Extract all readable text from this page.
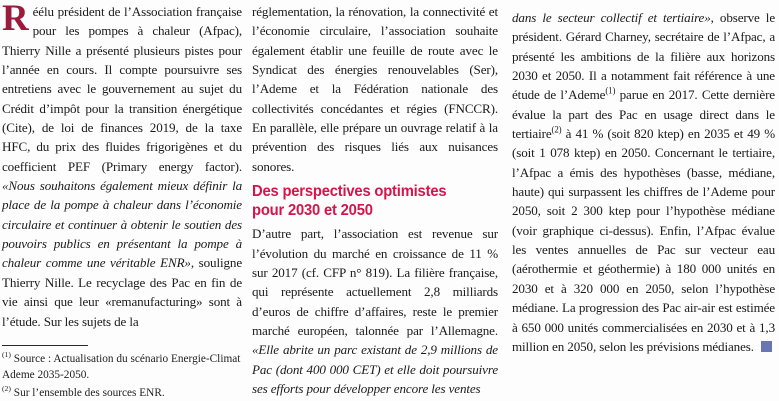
Réélu président de l’Association française pour les pompes à chaleur (Afpac), Thierry Nille a présenté plusieurs pistes pour l’année en cours. Il compte poursuivre ses entretiens avec le gouvernement au sujet du Crédit d’impôt pour la transition énergétique (Cite), de loi de finances 2019, de la taxe HFC, du prix des fluides frigorigènes et du coefficient PEF (Primary energy factor). «Nous souhaitons également mieux définir la place de la pompe à chaleur dans l’économie circulaire et continuer à obtenir le soutien des pouvoirs publics en présentant la pompe à chaleur comme une véritable ENR», souligne Thierry Nille. Le recyclage des Pac en fin de vie ainsi que leur «remanufacturing» sont à l’étude. Sur les sujets de la

$^{(1)}$ Source : Actualisation du scénario Energie-Climat Ademe 2035-2050.

$^{(2)}$ Sur l’ensemble des sources ENR.

réglementation, la rénovation, la connectivité et l’économie circulaire, l’association souhaite également établir une feuille de route avec le Syndicat des énergies renouvelables (Ser), l’Ademe et la Fédération nationale des collectivités concédantes et régies (FNCCR). En parallèle, elle prépare un ouvrage relatif à la prévention des risques liés aux nuisances sonores.

Des perspectives optimistes
pour 2030 et 2050

D’autre part, l’association est revenue sur l’évolution du marché en croissance de 11 % sur 2017 (cf. CFP n° 819). La filière française, qui représente actuellement 2,8 milliards d’euros de chiffre d’affaires, reste le premier marché européen, talonnée par l’Allemagne. «Elle abrite un parc existant de 2,9 millions de Pac (dont 400 000 CET) et elle doit poursuivre ses efforts pour développer encore les ventes

dans le secteur collectif et tertiaire», observe le président. Gérard Charney, secrétaire de l’Afpac, a présenté les ambitions de la filière aux horizons 2030 et 2050. Il a notamment fait référence à une étude de l’Ademe$^{(1)}$ parue en 2017. Cette dernière évalue la part des Pac en usage direct dans le tertiaire$^{(2)}$ à 41 % (soit 820 ktep) en 2035 et 49 % (soit 1 078 ktep) en 2050. Concernant le tertiaire, l’Afpac a émis des hypothèses (basse, médiane, haute) qui surpassent les chiffres de l’Ademe pour 2050, soit 2 300 ktep pour l’hypothèse médiane (voir graphique ci-dessus). Enfin, l’Afpac évalue les ventes annuelles de Pac sur vecteur eau (aérothermie et géothermie) à 180 000 unités en 2030 et à 320 000 en 2050, selon l’hypothèse médiane. La progression des Pac air-air est estimée à 650 000 unités commercialisées en 2030 et à 1,3 million en 2050, selon les prévisions médianes.
